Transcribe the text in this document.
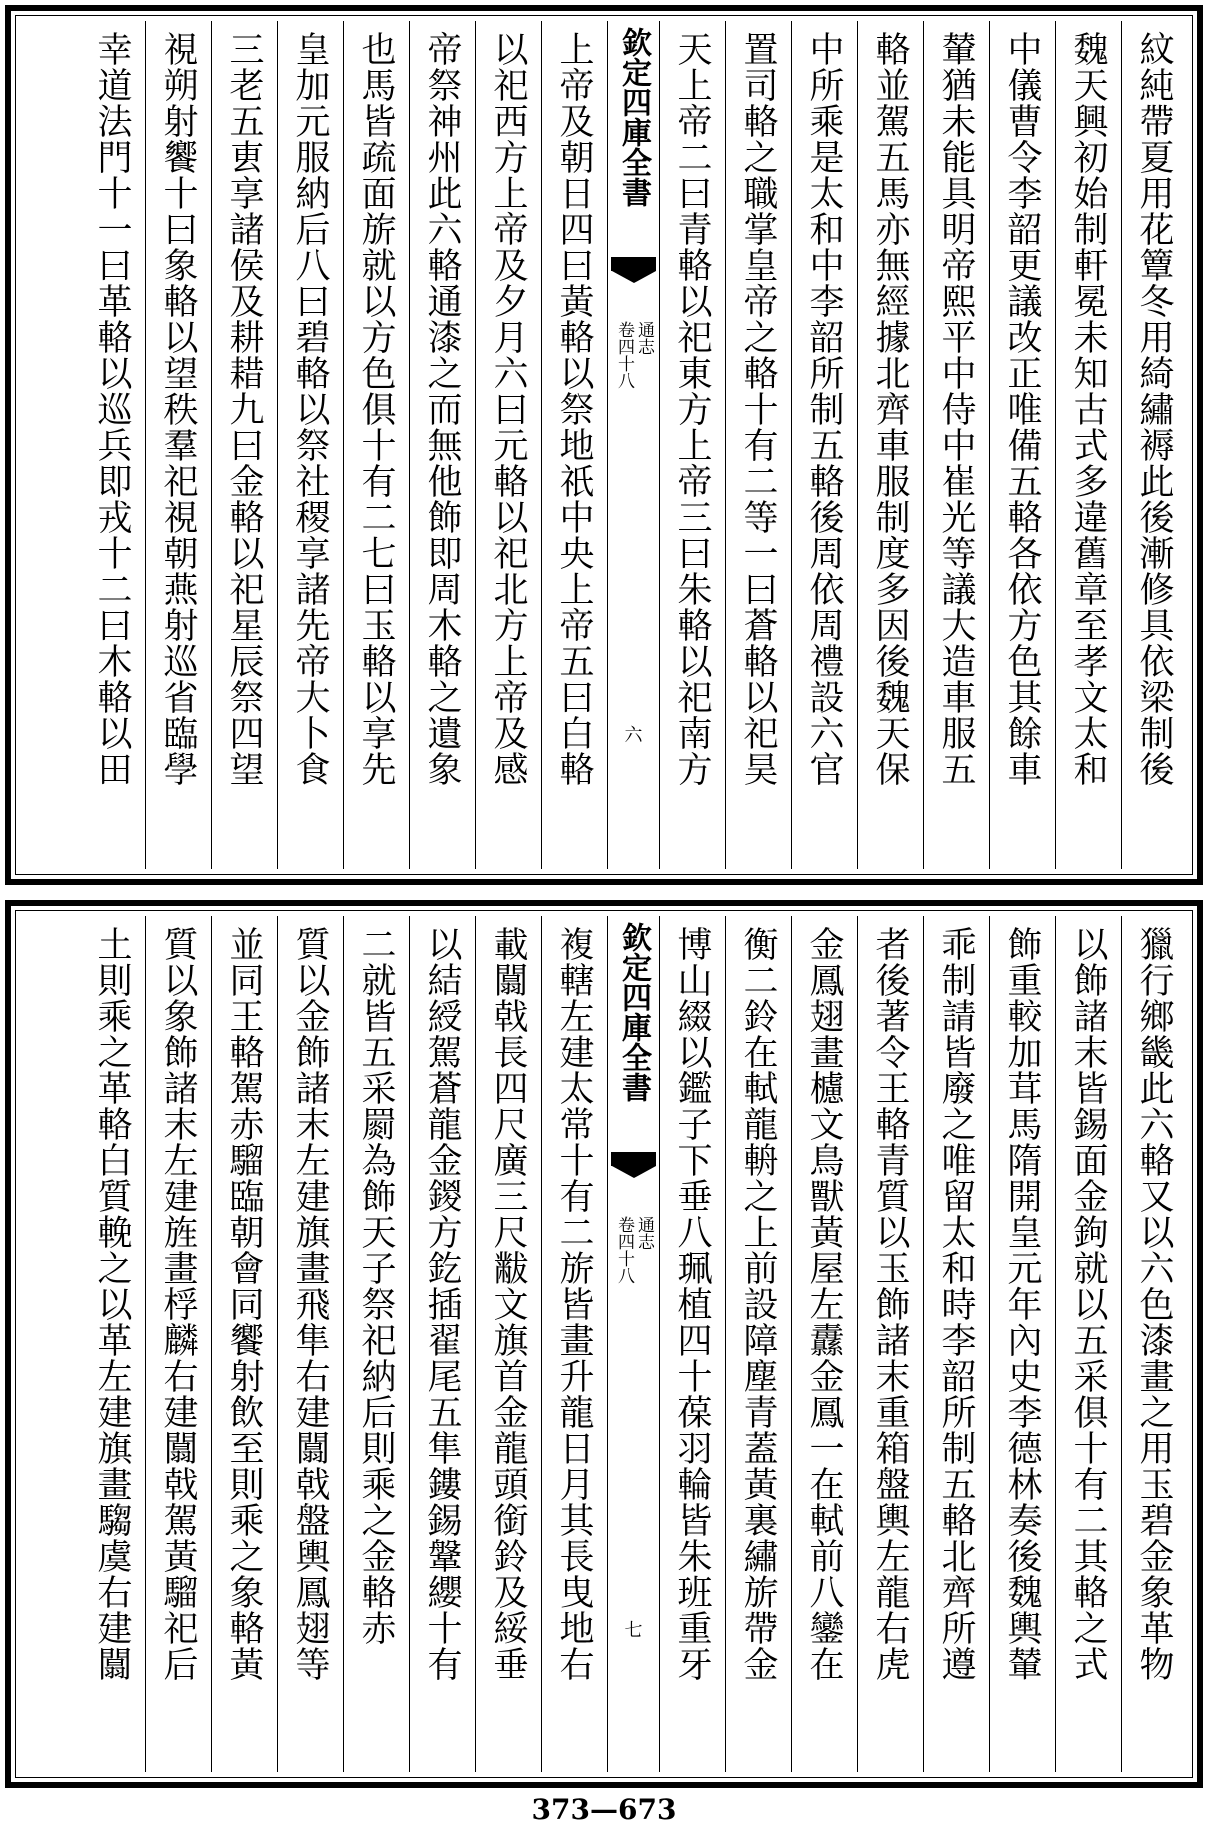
紋純帶夏用花簟冬用綺繡褥此後漸修具依梁制後
魏天興初始制軒冕未知古式多違舊章至孝文太和
中儀曹令李韶更議改正唯備五輅各依方色其餘車
輦猶未能具明帝熙平中侍中崔光等議大造車服五
輅並駕五馬亦無經據北齊車服制度多因後魏天保
中所乘是太和中李韶所制五輅後周依周禮設六官
置司輅之職掌皇帝之輅十有二等一曰蒼輅以祀昊
天上帝二曰青輅以祀東方上帝三曰朱輅以祀南方
欽定四庫全書
通志
卷四十八
六
上帝及朝日四曰黃輅以祭地祇中央上帝五曰白輅
以祀西方上帝及夕月六曰元輅以祀北方上帝及感
帝祭神州此六輅通漆之而無他飾即周木輅之遺象
也馬皆疏面旂就以方色俱十有二七曰玉輅以享先
皇加元服納后八曰碧輅以祭社稷享諸先帝大卜食
三老五叀享諸侯及耕耤九曰金輅以祀星辰祭四望
視朔射饗十曰象輅以望秩羣祀視朝燕射巡省臨學
幸道法門十一曰革輅以巡兵即戎十二曰木輅以田
獵行鄉畿此六輅又以六色漆畫之用玉碧金象革物
以飾諸末皆錫面金鉤就以五采俱十有二其輅之式
飾重較加茸馬隋開皇元年內史李德林奏後魏輿輦
乖制請皆廢之唯留太和時李韶所制五輅北齊所遵
者後著令王輅青質以玉飾諸末重箱盤輿左龍右虎
金鳳翅畫櫖文鳥獸黃屋左纛金鳳一在軾前八鑾在
衡二鈴在軾龍輈之上前設障塵青蓋黃裏繡旂帶金
博山綴以鑑子下垂八珮植四十葆羽輪皆朱班重牙
欽定四庫全書
通志
卷四十八
七
複轄左建太常十有二旂皆畫升龍日月其長曳地右
載闒戟長四尺廣三尺黻文旗首金龍頭銜鈴及綏垂
以結綬駕蒼龍金鍐方釳插翟尾五隼鏤錫鞶纓十有
二就皆五采罽為飾天子祭祀納后則乘之金輅赤
質以金飾諸末左建旗畫飛隼右建闒戟盤輿鳳翅等
並同王輅駕赤騮臨朝會同饗射飲至則乘之象輅黃
質以象飾諸末左建旌畫桴麟右建闒戟駕黃騮祀后
土則乘之革輅白質輓之以革左建旗畫騶虞右建闒
373—673
